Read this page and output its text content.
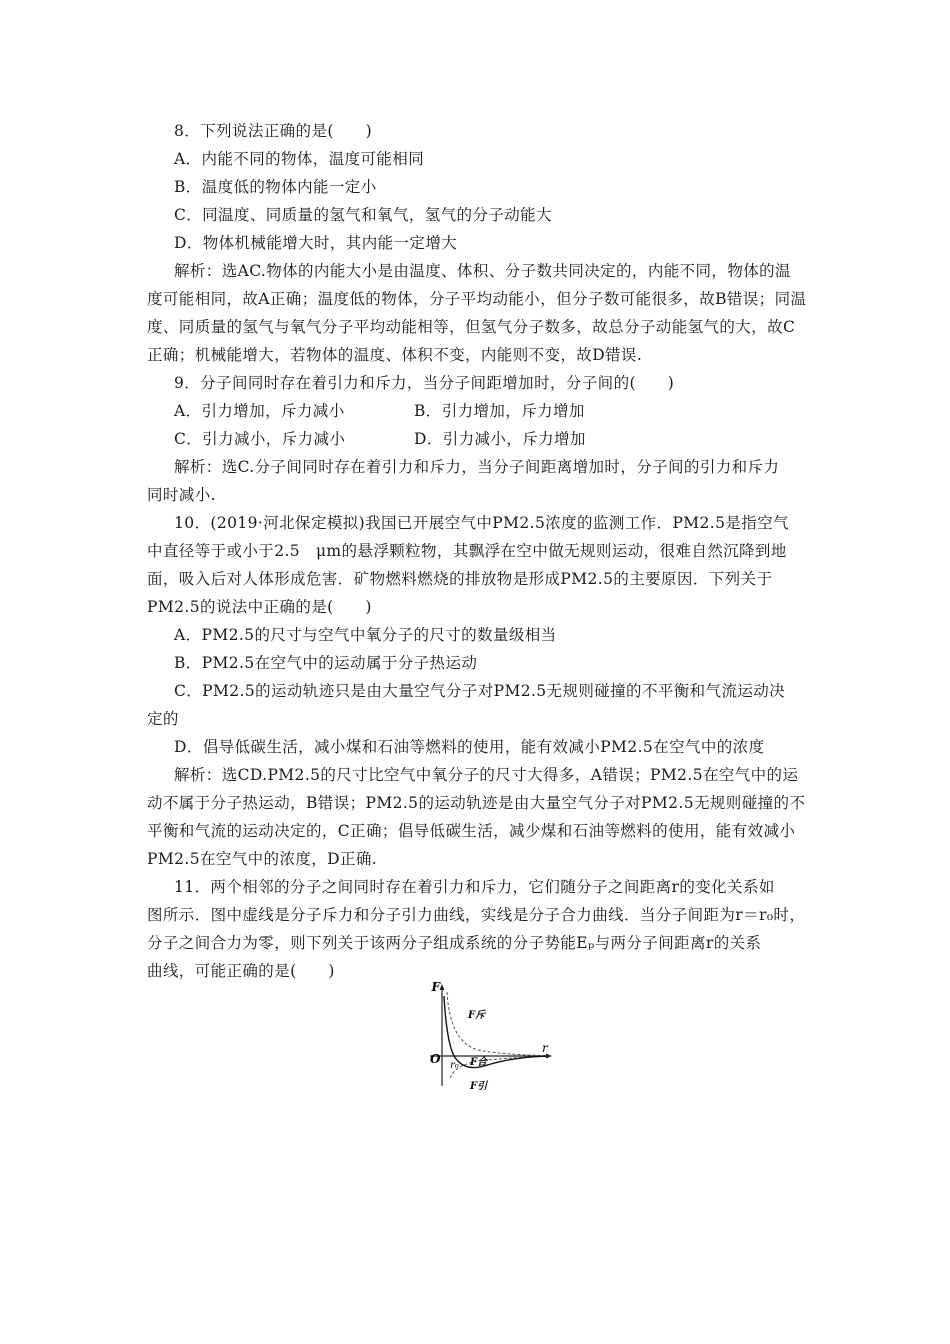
8．下列说法正确的是(　　)
A．内能不同的物体，温度可能相同
B．温度低的物体内能一定小
C．同温度、同质量的氢气和氧气，氢气的分子动能大
D．物体机械能增大时，其内能一定增大
解析：选AC.物体的内能大小是由温度、体积、分子数共同决定的，内能不同，物体的温
度可能相同，故A正确；温度低的物体，分子平均动能小，但分子数可能很多，故B错误；同温
度、同质量的氢气与氧气分子平均动能相等，但氢气分子数多，故总分子动能氢气的大，故C
正确；机械能增大，若物体的温度、体积不变，内能则不变，故D错误.
9．分子间同时存在着引力和斥力，当分子间距增加时，分子间的(　　)
A．引力增加，斥力减小	B．引力增加，斥力增加
C．引力减小，斥力减小	D．引力减小，斥力增加
解析：选C.分子间同时存在着引力和斥力，当分子间距离增加时，分子间的引力和斥力
同时减小.
10．(2019·河北保定模拟)我国已开展空气中PM2.5浓度的监测工作．PM2.5是指空气
中直径等于或小于2.5　μm的悬浮颗粒物，其飘浮在空中做无规则运动，很难自然沉降到地
面，吸入后对人体形成危害．矿物燃料燃烧的排放物是形成PM2.5的主要原因．下列关于
PM2.5的说法中正确的是(　　)
A．PM2.5的尺寸与空气中氧分子的尺寸的数量级相当
B．PM2.5在空气中的运动属于分子热运动
C．PM2.5的运动轨迹只是由大量空气分子对PM2.5无规则碰撞的不平衡和气流运动决
定的
D．倡导低碳生活，减小煤和石油等燃料的使用，能有效减小PM2.5在空气中的浓度
解析：选CD.PM2.5的尺寸比空气中氧分子的尺寸大得多，A错误；PM2.5在空气中的运
动不属于分子热运动，B错误；PM2.5的运动轨迹是由大量空气分子对PM2.5无规则碰撞的不
平衡和气流的运动决定的，C正确；倡导低碳生活，减少煤和石油等燃料的使用，能有效减小
PM2.5在空气中的浓度，D正确.
11．两个相邻的分子之间同时存在着引力和斥力，它们随分子之间距离r的变化关系如
图所示．图中虚线是分子斥力和分子引力曲线，实线是分子合力曲线．当分子间距为r＝r₀时，
分子之间合力为零，则下列关于该两分子组成系统的分子势能Eₚ与两分子间距离r的关系
曲线，可能正确的是(　　)
F
r
O r₀
F斥
F合
F引
